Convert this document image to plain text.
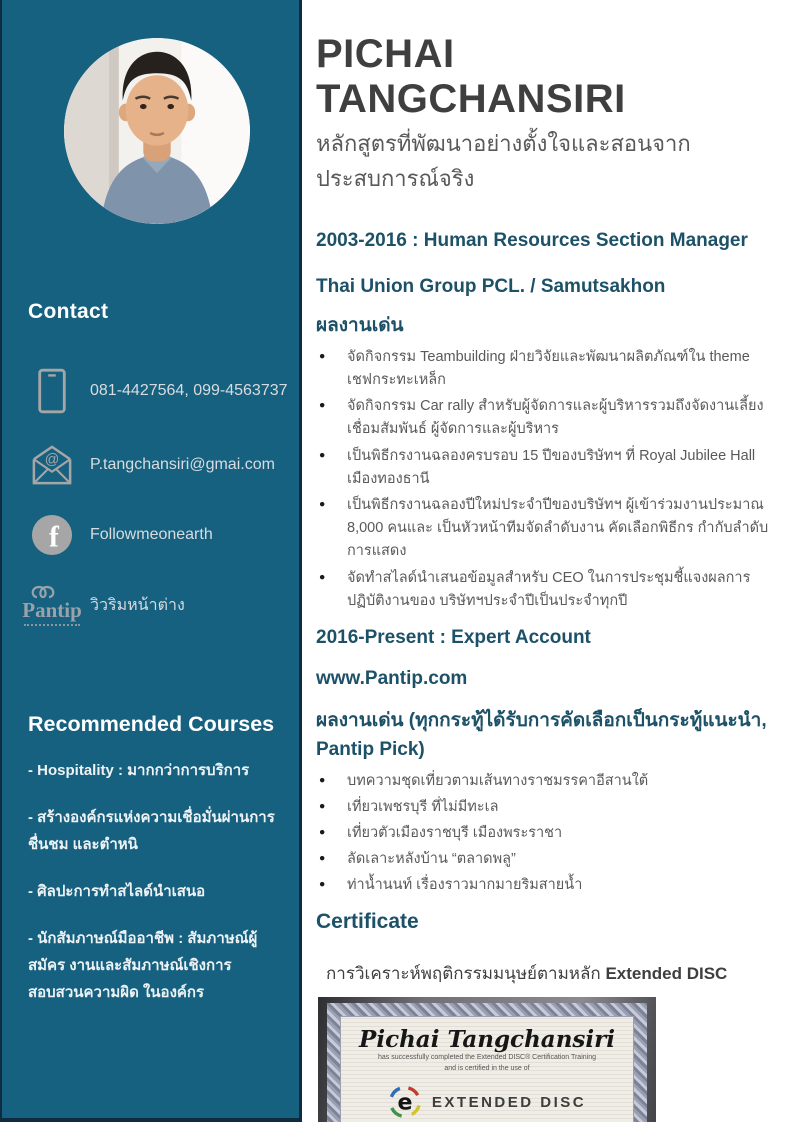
Contact
081-4427564, 099-4563737
@ P.tangchansiri@gmai.com
f Followmeonearth
Pantip วิวริมหน้าต่าง
Recommended Courses

- Hospitality : มากกว่าการบริการ

- สร้างองค์กรแห่งความเชื่อมั่นผ่านการชื่นชม และตำหนิ

- ศิลปะการทำสไลด์นำเสนอ

- นักสัมภาษณ์มืออาชีพ : สัมภาษณ์ผู้สมัคร งานและสัมภาษณ์เชิงการสอบสวนความผิด ในองค์กร

PICHAI TANGCHANSIRI

หลักสูตรที่พัฒนาอย่างตั้งใจและสอนจากประสบการณ์จริง

2003-2016 : Human Resources Section Manager
Thai Union Group PCL. / Samutsakhon
ผลงานเด่น
● จัดกิจกรรม Teambuilding ฝ่ายวิจัยและพัฒนาผลิตภัณฑ์ใน theme เชฟกระทะเหล็ก
● จัดกิจกรรม Car rally สำหรับผู้จัดการและผู้บริหารรวมถึงจัดงานเลี้ยงเชื่อมสัมพันธ์ ผู้จัดการและผู้บริหาร
● เป็นพิธีกรงานฉลองครบรอบ 15 ปีของบริษัทฯ ที่ Royal Jubilee Hall เมืองทองธานี
● เป็นพิธีกรงานฉลองปีใหม่ประจำปีของบริษัทฯ ผู้เข้าร่วมงานประมาณ 8,000 คนและ เป็นหัวหน้าทีมจัดลำดับงาน คัดเลือกพิธีกร กำกับลำดับการแสดง
● จัดทำสไลด์นำเสนอข้อมูลสำหรับ CEO ในการประชุมชี้แจงผลการปฏิบัติงานของ บริษัทฯประจำปีเป็นประจำทุกปี
2016-Present : Expert Account
www.Pantip.com
ผลงานเด่น (ทุกกระทู้ได้รับการคัดเลือกเป็นกระทู้แนะนำ, Pantip Pick)
● บทความชุดเที่ยวตามเส้นทางราชมรรคาอีสานใต้
● เที่ยวเพชรบุรี ที่ไม่มีทะเล
● เที่ยวตัวเมืองราชบุรี เมืองพระราชา
● ลัดเลาะหลังบ้าน “ตลาดพลู”
● ท่าน้ำนนท์ เรื่องราวมากมายริมสายน้ำ
Certificate

การวิเคราะห์พฤติกรรมมนุษย์ตามหลัก Extended DISC

Pichai Tangchansiri
has successfully completed the Extended DISC® Certification Training
and is certified in the use of
e EXTENDED DISC
